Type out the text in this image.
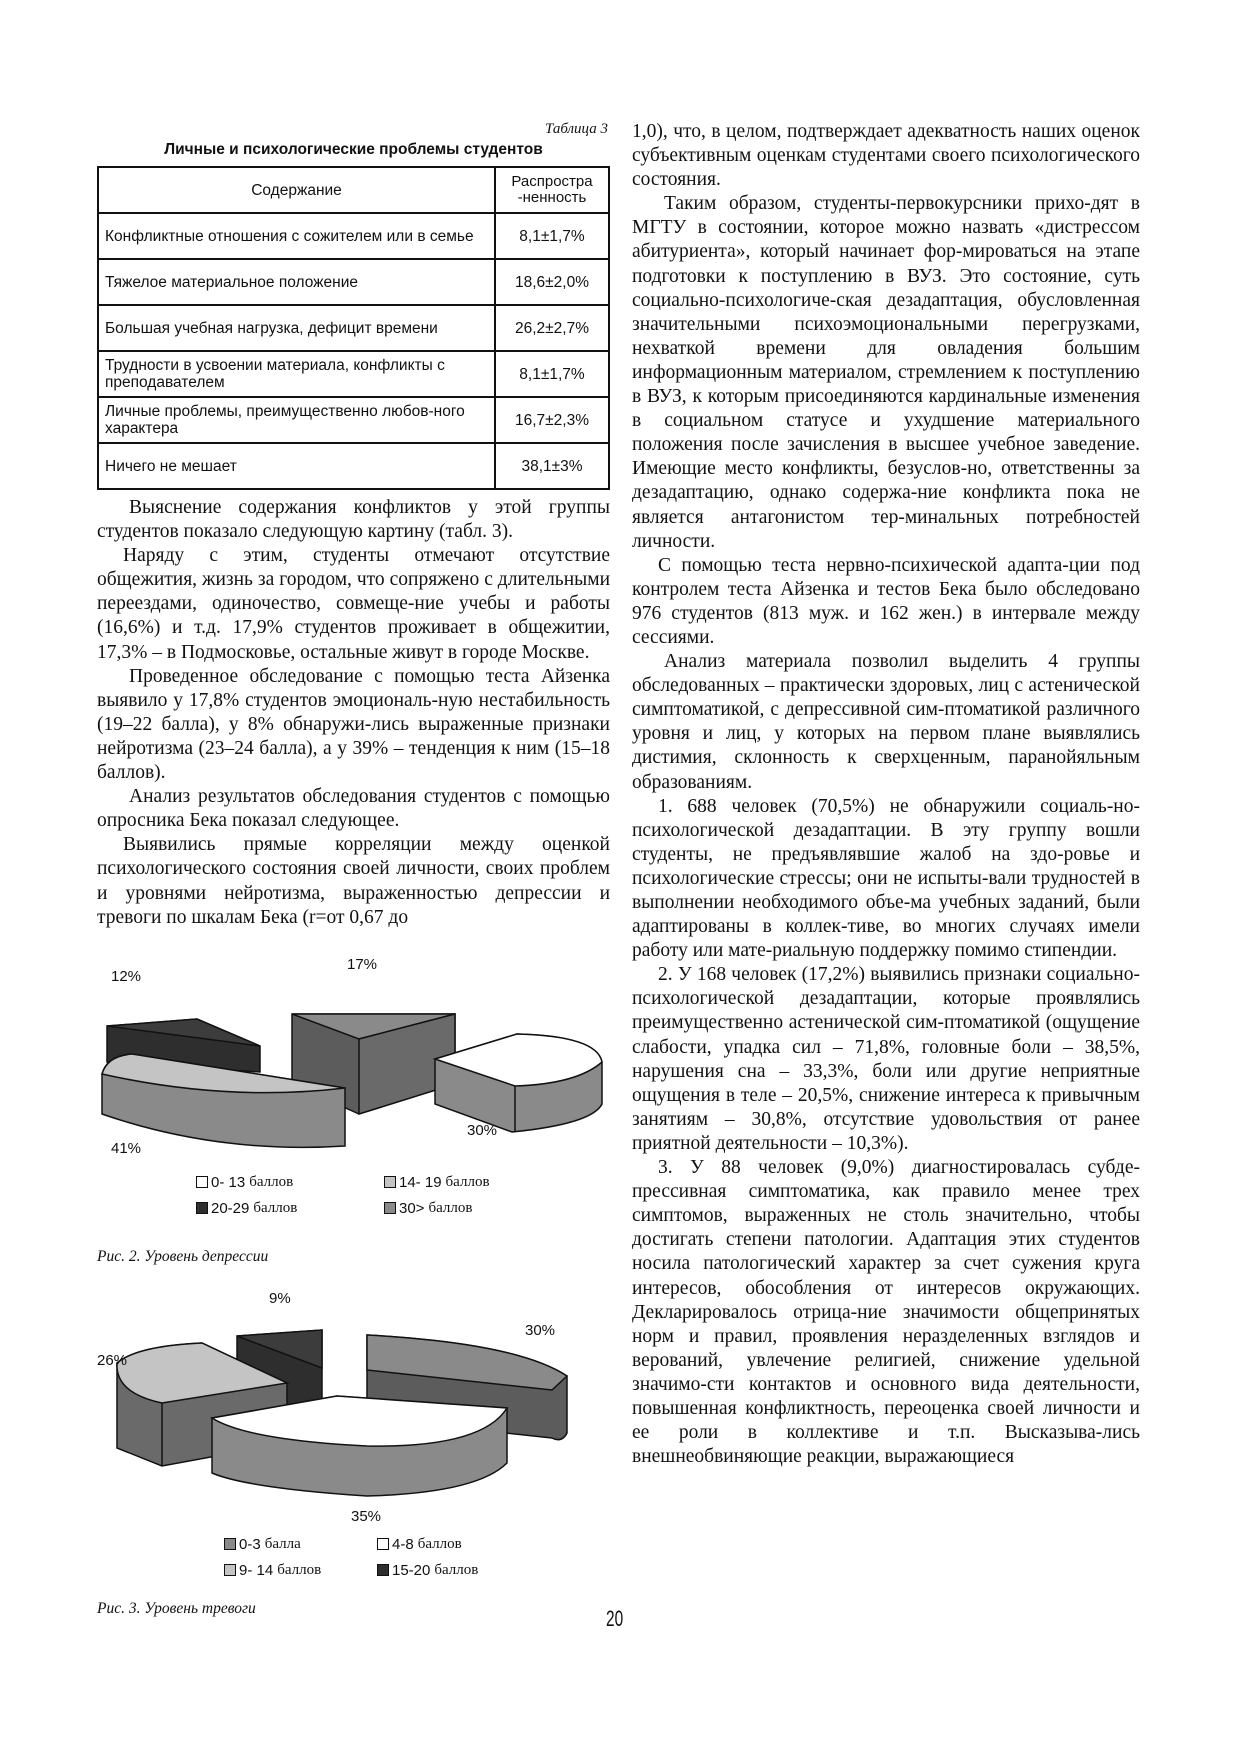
Таблица 3
Личные и психологические проблемы студентов
Содержание	Распростра-ненность
Конфликтные отношения с сожителем или в семье	8,1±1,7%
Тяжелое материальное положение	18,6±2,0%
Большая учебная нагрузка, дефицит времени	26,2±2,7%
Трудности в усвоении материала, конфликты с преподавателем	8,1±1,7%
Личные проблемы, преимущественно любов-ного характера	16,7±2,3%
Ничего не мешает	38,1±3%

Выяснение содержания конфликтов у этой группы студентов показало следующую картину (табл. 3).

Наряду с этим, студенты отмечают отсутствие общежития, жизнь за городом, что сопряжено с длительными переездами, одиночество, совмеще-ние учебы и работы (16,6%) и т.д. 17,9% студентов проживает в общежитии, 17,3% – в Подмосковье, остальные живут в городе Москве.

Проведенное обследование с помощью теста Айзенка выявило у 17,8% студентов эмоциональ-ную нестабильность (19–22 балла), у 8% обнаружи-лись выраженные признаки нейротизма (23–24 балла), а у 39% – тенденция к ним (15–18 баллов).

Анализ результатов обследования студентов с помощью опросника Бека показал следующее.

Выявились прямые корреляции между оценкой психологического состояния своей личности, своих проблем и уровнями нейротизма, выраженностью депрессии и тревоги по шкалам Бека (r=от 0,67 до

12%
17%
30%
41%
0- 13 баллов	14- 19 баллов
20-29 баллов	30> баллов
Рис. 2. Уровень депрессии
9%
30%
26%
35%
0-3 балла	4-8 баллов
9- 14 баллов	15-20 баллов
Рис. 3. Уровень тревоги

1,0), что, в целом, подтверждает адекватность наших оценок субъективным оценкам студентами своего психологического состояния.

Таким образом, студенты-первокурсники прихо-дят в МГТУ в состоянии, которое можно назвать «дистрессом абитуриента», который начинает фор-мироваться на этапе подготовки к поступлению в ВУЗ. Это состояние, суть социально-психологиче-ская дезадаптация, обусловленная значительными психоэмоциональными перегрузками, нехваткой времени для овладения большим информационным материалом, стремлением к поступлению в ВУЗ, к которым присоединяются кардинальные изменения в социальном статусе и ухудшение материального положения после зачисления в высшее учебное заведение. Имеющие место конфликты, безуслов-но, ответственны за дезадаптацию, однако содержа-ние конфликта пока не является антагонистом тер-минальных потребностей личности.

С помощью теста нервно-психической адапта-ции под контролем теста Айзенка и тестов Бека было обследовано 976 студентов (813 муж. и 162 жен.) в интервале между сессиями.

Анализ материала позволил выделить 4 группы обследованных – практически здоровых, лиц с астенической симптоматикой, с депрессивной сим-птоматикой различного уровня и лиц, у которых на первом плане выявлялись дистимия, склонность к сверхценным, паранойяльным образованиям.

1. 688 человек (70,5%) не обнаружили социаль-но-психологической дезадаптации. В эту группу вошли студенты, не предъявлявшие жалоб на здо-ровье и психологические стрессы; они не испыты-вали трудностей в выполнении необходимого объе-ма учебных заданий, были адаптированы в коллек-тиве, во многих случаях имели работу или мате-риальную поддержку помимо стипендии.

2. У 168 человек (17,2%) выявились признаки социально-психологической дезадаптации, которые проявлялись преимущественно астенической сим-птоматикой (ощущение слабости, упадка сил – 71,8%, головные боли – 38,5%, нарушения сна – 33,3%, боли или другие неприятные ощущения в теле – 20,5%, снижение интереса к привычным занятиям – 30,8%, отсутствие удовольствия от ранее приятной деятельности – 10,3%).

3. У 88 человек (9,0%) диагностировалась субде-прессивная симптоматика, как правило менее трех симптомов, выраженных не столь значительно, чтобы достигать степени патологии. Адаптация этих студентов носила патологический характер за счет сужения круга интересов, обособления от интересов окружающих. Декларировалось отрица-ние значимости общепринятых норм и правил, проявления неразделенных взглядов и верований, увлечение религией, снижение удельной значимо-сти контактов и основного вида деятельности, повышенная конфликтность, переоценка своей личности и ее роли в коллективе и т.п. Высказыва-лись внешнеобвиняющие реакции, выражающиеся

20
